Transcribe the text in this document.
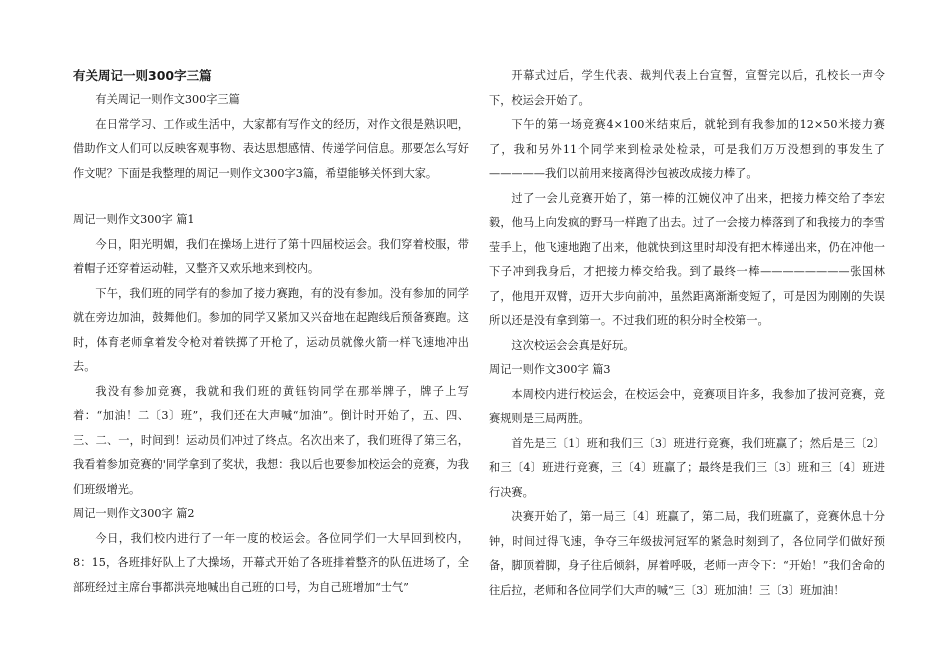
有关周记一则300字三篇

有关周记一则作文300字三篇

在日常学习、工作或生活中，大家都有写作文的经历，对作文很是熟识吧，借助作文人们可以反映客观事物、表达思想感情、传递学问信息。那要怎么写好作文呢？下面是我整理的周记一则作文300字3篇，希望能够关怀到大家。

周记一则作文300字 篇1

今日，阳光明媚，我们在操场上进行了第十四届校运会。我们穿着校服，带着帽子还穿着运动鞋，又整齐又欢乐地来到校内。

下午，我们班的同学有的参加了接力赛跑，有的没有参加。没有参加的同学就在旁边加油，鼓舞他们。参加的同学又紧加又兴奋地在起跑线后预备赛跑。这时，体育老师拿着发令枪对着铁掷了开枪了，运动员就像火箭一样飞速地冲出去。

我没有参加竞赛，我就和我们班的黄钰钧同学在那举牌子，牌子上写着：“加油！二〔3〕班”，我们还在大声喊“加油”。倒计时开始了，五、四、三、二、一，时间到！运动员们冲过了终点。名次出来了，我们班得了第三名，我看着参加竞赛的'同学拿到了奖状，我想：我以后也要参加校运会的竞赛，为我们班级增光。

周记一则作文300字 篇2

今日，我们校内进行了一年一度的校运会。各位同学们一大早回到校内，8：15，各班排好队上了大操场，开幕式开始了各班排着整齐的队伍进场了，全部班经过主席台事都洪亮地喊出自己班的口号，为自己班增加“士气”

开幕式过后，学生代表、裁判代表上台宣誓，宣誓完以后，孔校长一声令下，校运会开始了。

下午的第一场竞赛4×100米结束后，就轮到有我参加的12×50米接力赛了，我和另外11个同学来到检录处检录，可是我们万万没想到的事发生了—————我们以前用来接离得沙包被改成接力棒了。

过了一会儿竞赛开始了，第一棒的江婉仪冲了出来，把接力棒交给了李宏毅，他马上向发疯的野马一样跑了出去。过了一会接力棒落到了和我接力的李雪莹手上，他飞速地跑了出来，他就快到这里时却没有把木棒递出来，仍在冲他一下子冲到我身后，才把接力棒交给我。到了最终一棒————————张国林了，他甩开双臂，迈开大步向前冲，虽然距离渐渐变短了，可是因为刚刚的失误所以还是没有拿到第一。不过我们班的积分时全校第一。

这次校运会会真是好玩。

周记一则作文300字 篇3

本周校内进行校运会，在校运会中，竞赛项目许多，我参加了拔河竞赛，竞赛规则是三局两胜。

首先是三〔1〕班和我们三〔3〕班进行竞赛，我们班赢了；然后是三〔2〕和三〔4〕班进行竞赛，三〔4〕班赢了；最终是我们三〔3〕班和三〔4〕班进行决赛。

决赛开始了，第一局三〔4〕班赢了，第二局，我们班赢了，竞赛休息十分钟，时间过得飞速，争夺三年级拔河冠军的紧急时刻到了，各位同学们做好预备，脚顶着脚，身子往后倾斜，屏着呼吸，老师一声令下：“开始！”我们舍命的往后拉，老师和各位同学们大声的喊“三〔3〕班加油！三〔3〕班加油！
